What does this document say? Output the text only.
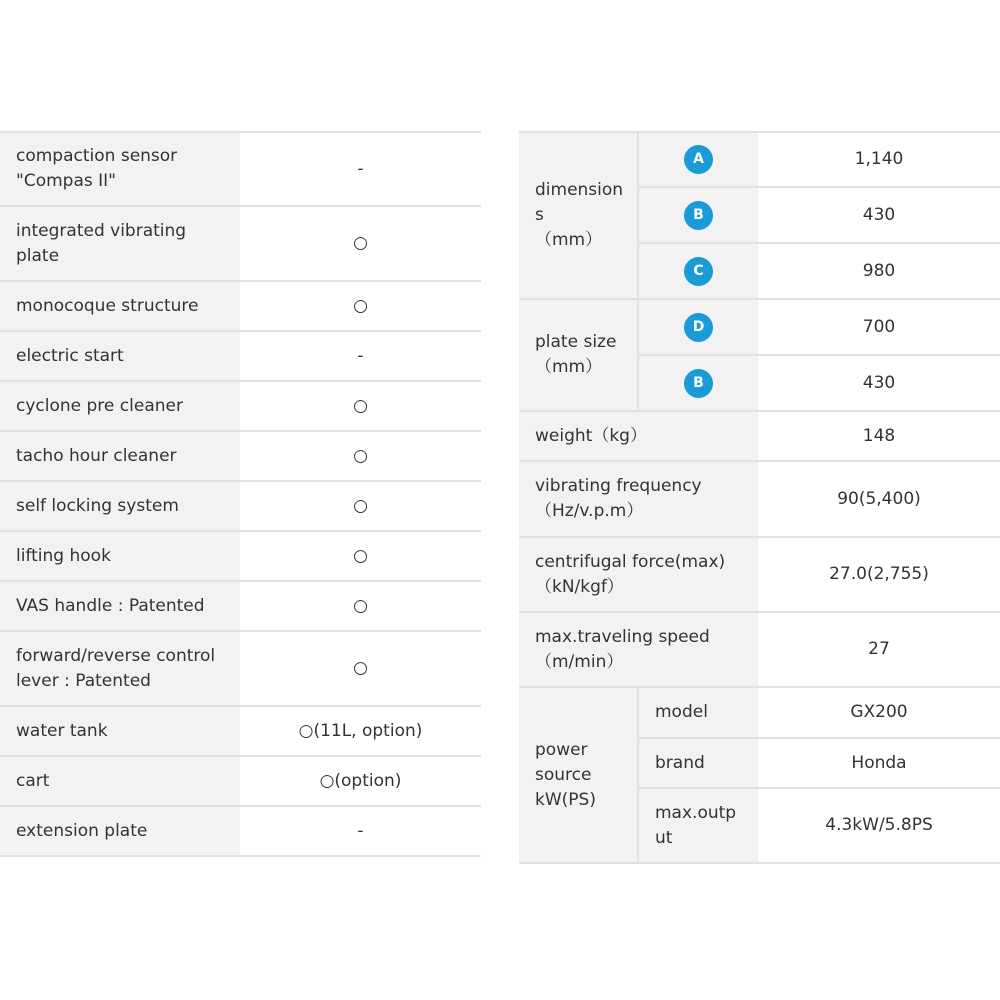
compaction sensor
"Compas II"	-
integrated vibrating
plate	○
monocoque structure	○
electric start	-
cyclone pre cleaner	○
tacho hour cleaner	○
self locking system	○
lifting hook	○
VAS handle : Patented	○
forward/reverse control
lever : Patented	○
water tank	○(11L, option)
cart	○(option)
extension plate	-
dimension
s
（mm）	A	1,140
	B	430
	C	980
plate size
（mm）	D	700
	B	430
weight（kg）		148
vibrating frequency
（Hz/v.p.m）		90(5,400)
centrifugal force(max)
（kN/kgf）		27.0(2,755)
max.traveling speed
（m/min）		27
power
source
kW(PS)	model	GX200
	brand	Honda
	max.outp
ut	4.3kW/5.8PS
